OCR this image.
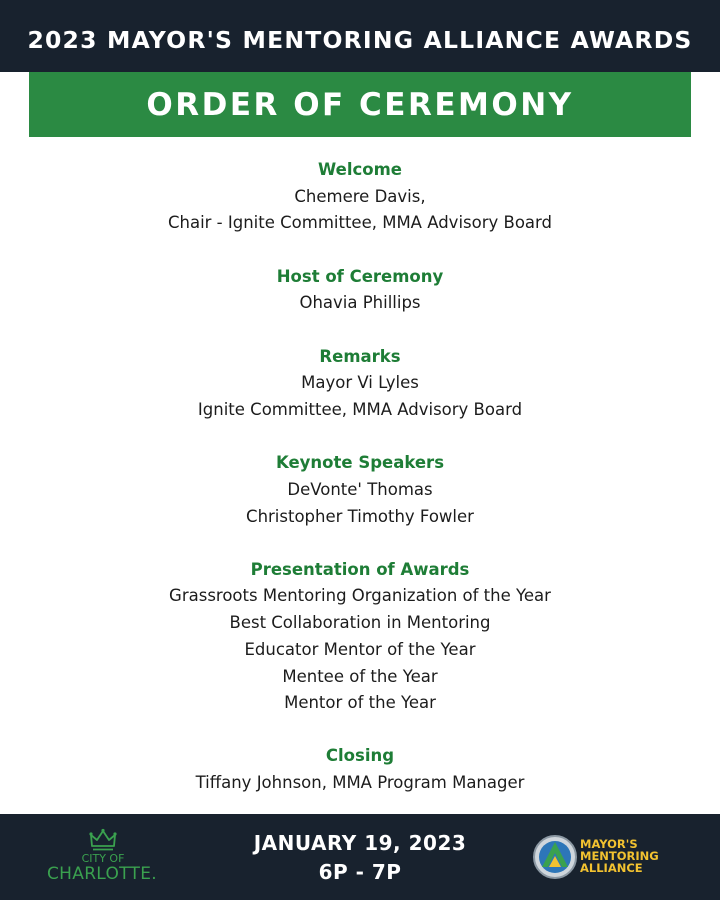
2023 MAYOR'S MENTORING ALLIANCE AWARDS
ORDER OF CEREMONY
Welcome
Chemere Davis,
Chair - Ignite Committee, MMA Advisory Board
Host of Ceremony
Ohavia Phillips
Remarks
Mayor Vi Lyles
Ignite Committee, MMA Advisory Board
Keynote Speakers
DeVonte' Thomas
Christopher Timothy Fowler
Presentation of Awards
Grassroots Mentoring Organization of the Year
Best Collaboration in Mentoring
Educator Mentor of the Year
Mentee of the Year
Mentor of the Year
Closing
Tiffany Johnson, MMA Program Manager
CITY OF
CHARLOTTE.
JANUARY 19, 2023
6P - 7P
MAYOR'S
MENTORING
ALLIANCE
